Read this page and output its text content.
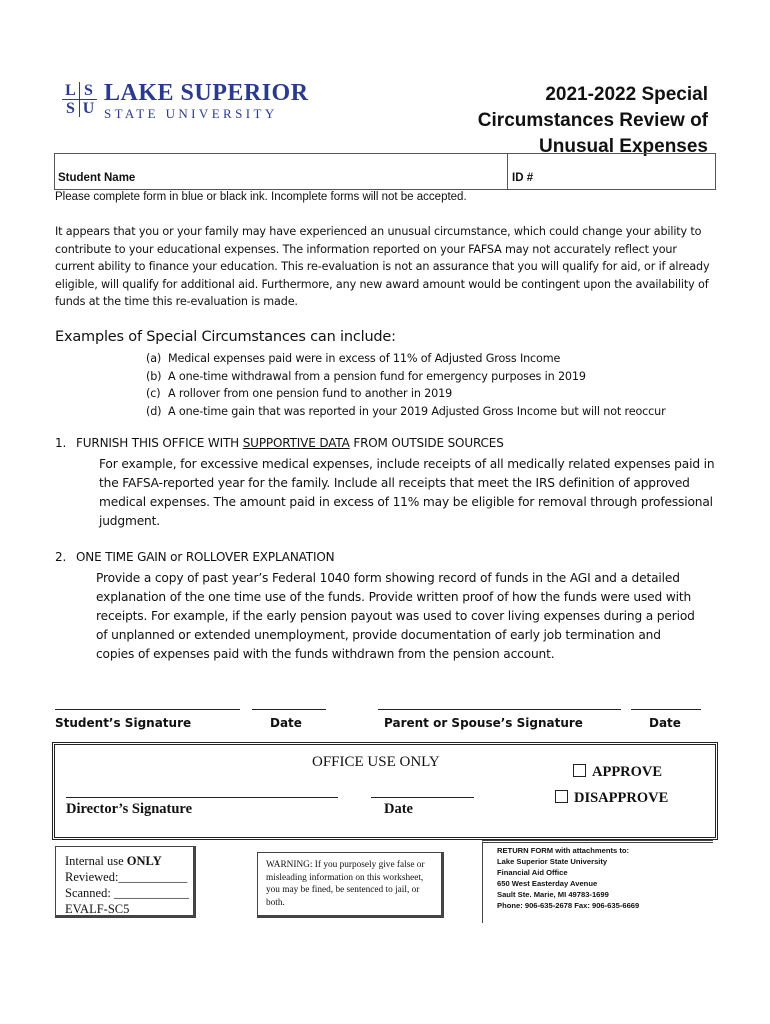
L S
S U
LAKE SUPERIOR
STATE UNIVERSITY
2021-2022 Special
Circumstances Review of
Unusual Expenses
Student Name	ID #
Please complete form in blue or black ink. Incomplete forms will not be accepted.

It appears that you or your family may have experienced an unusual circumstance, which could change your ability to contribute to your educational expenses. The information reported on your FAFSA may not accurately reflect your current ability to finance your education. This re-evaluation is not an assurance that you will qualify for aid, or if already eligible, will qualify for additional aid. Furthermore, any new award amount would be contingent upon the availability of funds at the time this re-evaluation is made.

Examples of Special Circumstances can include:
(a) Medical expenses paid were in excess of 11% of Adjusted Gross Income
(b) A one-time withdrawal from a pension fund for emergency purposes in 2019
(c) A rollover from one pension fund to another in 2019
(d) A one-time gain that was reported in your 2019 Adjusted Gross Income but will not reoccur
1. FURNISH THIS OFFICE WITH SUPPORTIVE DATA FROM OUTSIDE SOURCES

For example, for excessive medical expenses, include receipts of all medically related expenses paid in the FAFSA-reported year for the family. Include all receipts that meet the IRS definition of approved medical expenses. The amount paid in excess of 11% may be eligible for removal through professional judgment.

2. ONE TIME GAIN or ROLLOVER EXPLANATION

Provide a copy of past year’s Federal 1040 form showing record of funds in the AGI and a detailed explanation of the one time use of the funds. Provide written proof of how the funds were used with receipts. For example, if the early pension payout was used to cover living expenses during a period of unplanned or extended unemployment, provide documentation of early job termination and copies of expenses paid with the funds withdrawn from the pension account.

Student’s Signature	Date	Parent or Spouse’s Signature	Date
OFFICE USE ONLY
Director’s Signature	Date
APPROVE
DISAPPROVE
Internal use ONLY
Reviewed:___________
Scanned: ____________
EVALF-SC5
WARNING: If you purposely give false or misleading information on this worksheet, you may be fined, be sentenced to jail, or both.
RETURN FORM with attachments to:
Lake Superior State University
Financial Aid Office
650 West Easterday Avenue
Sault Ste. Marie, MI 49783-1699
Phone: 906-635-2678 Fax: 906-635-6669
